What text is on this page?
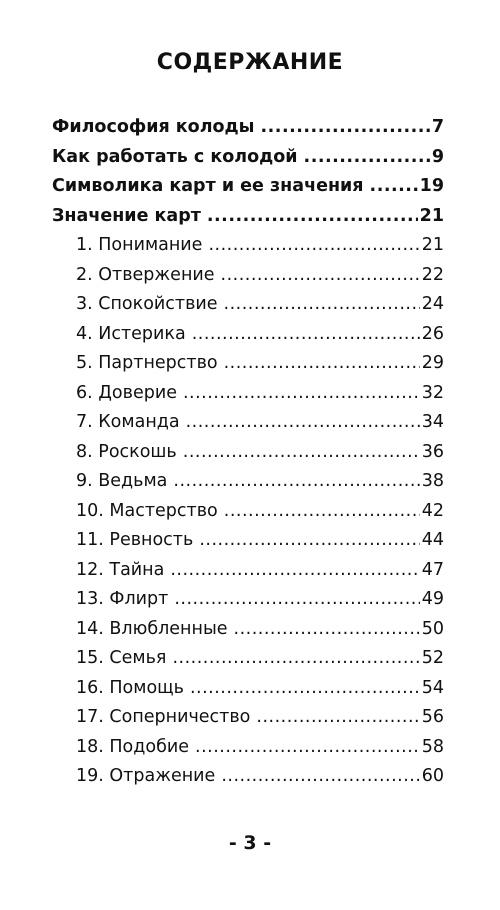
СОДЕРЖАНИЕ
Философия колоды .....	7
Как работать с колодой .....	9
Символика карт и ее значения .....	19
Значение карт .....	21
1. Понимание .....	21
2. Отвержение .....	22
3. Спокойствие .....	24
4. Истерика .....	26
5. Партнерство .....	29
6. Доверие .....	32
7. Команда .....	34
8. Роскошь .....	36
9. Ведьма .....	38
10. Мастерство .....	42
11. Ревность .....	44
12. Тайна .....	47
13. Флирт .....	49
14. Влюбленные .....	50
15. Семья .....	52
16. Помощь .....	54
17. Соперничество .....	56
18. Подобие .....	58
19. Отражение .....	60
- 3 -
